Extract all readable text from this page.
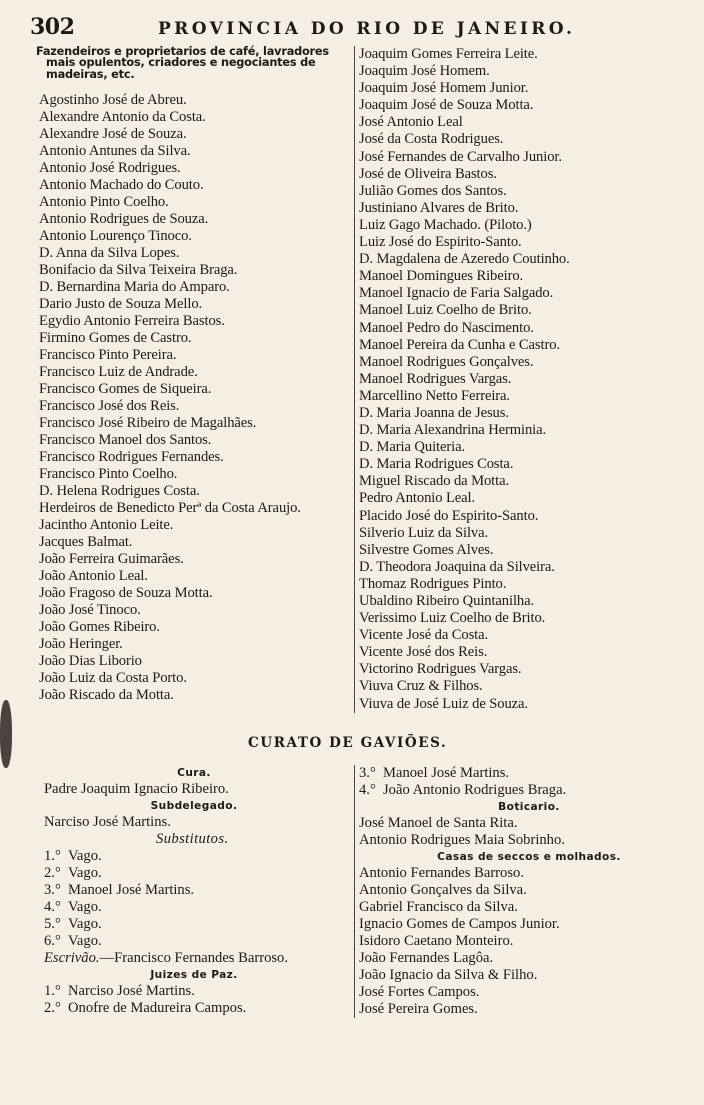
302	PROVINCIA DO RIO DE JANEIRO.
Fazendeiros e proprietarios de café, lavradores
mais opulentos, criadores e negociantes de
madeiras, etc.
Agostinho José de Abreu.
Alexandre Antonio da Costa.
Alexandre José de Souza.
Antonio Antunes da Silva.
Antonio José Rodrigues.
Antonio Machado do Couto.
Antonio Pinto Coelho.
Antonio Rodrigues de Souza.
Antonio Lourenço Tinoco.
D. Anna da Silva Lopes.
Bonifacio da Silva Teixeira Braga.
D. Bernardina Maria do Amparo.
Dario Justo de Souza Mello.
Egydio Antonio Ferreira Bastos.
Firmino Gomes de Castro.
Francisco Pinto Pereira.
Francisco Luiz de Andrade.
Francisco Gomes de Siqueira.
Francisco José dos Reis.
Francisco José Ribeiro de Magalhães.
Francisco Manoel dos Santos.
Francisco Rodrigues Fernandes.
Francisco Pinto Coelho.
D. Helena Rodrigues Costa.
Herdeiros de Benedicto Perª da Costa Araujo.
Jacintho Antonio Leite.
Jacques Balmat.
João Ferreira Guimarães.
João Antonio Leal.
João Fragoso de Souza Motta.
João José Tinoco.
João Gomes Ribeiro.
João Heringer.
João Dias Liborio
João Luiz da Costa Porto.
João Riscado da Motta.
Joaquim Gomes Ferreira Leite.
Joaquim José Homem.
Joaquim José Homem Junior.
Joaquim José de Souza Motta.
José Antonio Leal
José da Costa Rodrigues.
José Fernandes de Carvalho Junior.
José de Oliveira Bastos.
Julião Gomes dos Santos.
Justiniano Alvares de Brito.
Luiz Gago Machado. (Piloto.)
Luiz José do Espirito-Santo.
D. Magdalena de Azeredo Coutinho.
Manoel Domingues Ribeiro.
Manoel Ignacio de Faria Salgado.
Manoel Luiz Coelho de Brito.
Manoel Pedro do Nascimento.
Manoel Pereira da Cunha e Castro.
Manoel Rodrigues Gonçalves.
Manoel Rodrigues Vargas.
Marcellino Netto Ferreira.
D. Maria Joanna de Jesus.
D. Maria Alexandrina Herminia.
D. Maria Quiteria.
D. Maria Rodrigues Costa.
Miguel Riscado da Motta.
Pedro Antonio Leal.
Placido José do Espirito-Santo.
Silverio Luiz da Silva.
Silvestre Gomes Alves.
D. Theodora Joaquina da Silveira.
Thomaz Rodrigues Pinto.
Ubaldino Ribeiro Quintanilha.
Verissimo Luiz Coelho de Brito.
Vicente José da Costa.
Vicente José dos Reis.
Victorino Rodrigues Vargas.
Viuva Cruz & Filhos.
Viuva de José Luiz de Souza.
CURATO DE GAVIÕES.
Cura.
Padre Joaquim Ignacio Ribeiro.
Subdelegado.
Narciso José Martins.
Substitutos.
1.° Vago.
2.° Vago.
3.° Manoel José Martins.
4.° Vago.
5.° Vago.
6.° Vago.
Escrivão.—Francisco Fernandes Barroso.
Juizes de Paz.
1.° Narciso José Martins.
2.° Onofre de Madureira Campos.
3.° Manoel José Martins.
4.° João Antonio Rodrigues Braga.
Boticario.
José Manoel de Santa Rita.
Antonio Rodrigues Maia Sobrinho.
Casas de seccos e molhados.
Antonio Fernandes Barroso.
Antonio Gonçalves da Silva.
Gabriel Francisco da Silva.
Ignacio Gomes de Campos Junior.
Isidoro Caetano Monteiro.
João Fernandes Lagôa.
João Ignacio da Silva & Filho.
José Fortes Campos.
José Pereira Gomes.
